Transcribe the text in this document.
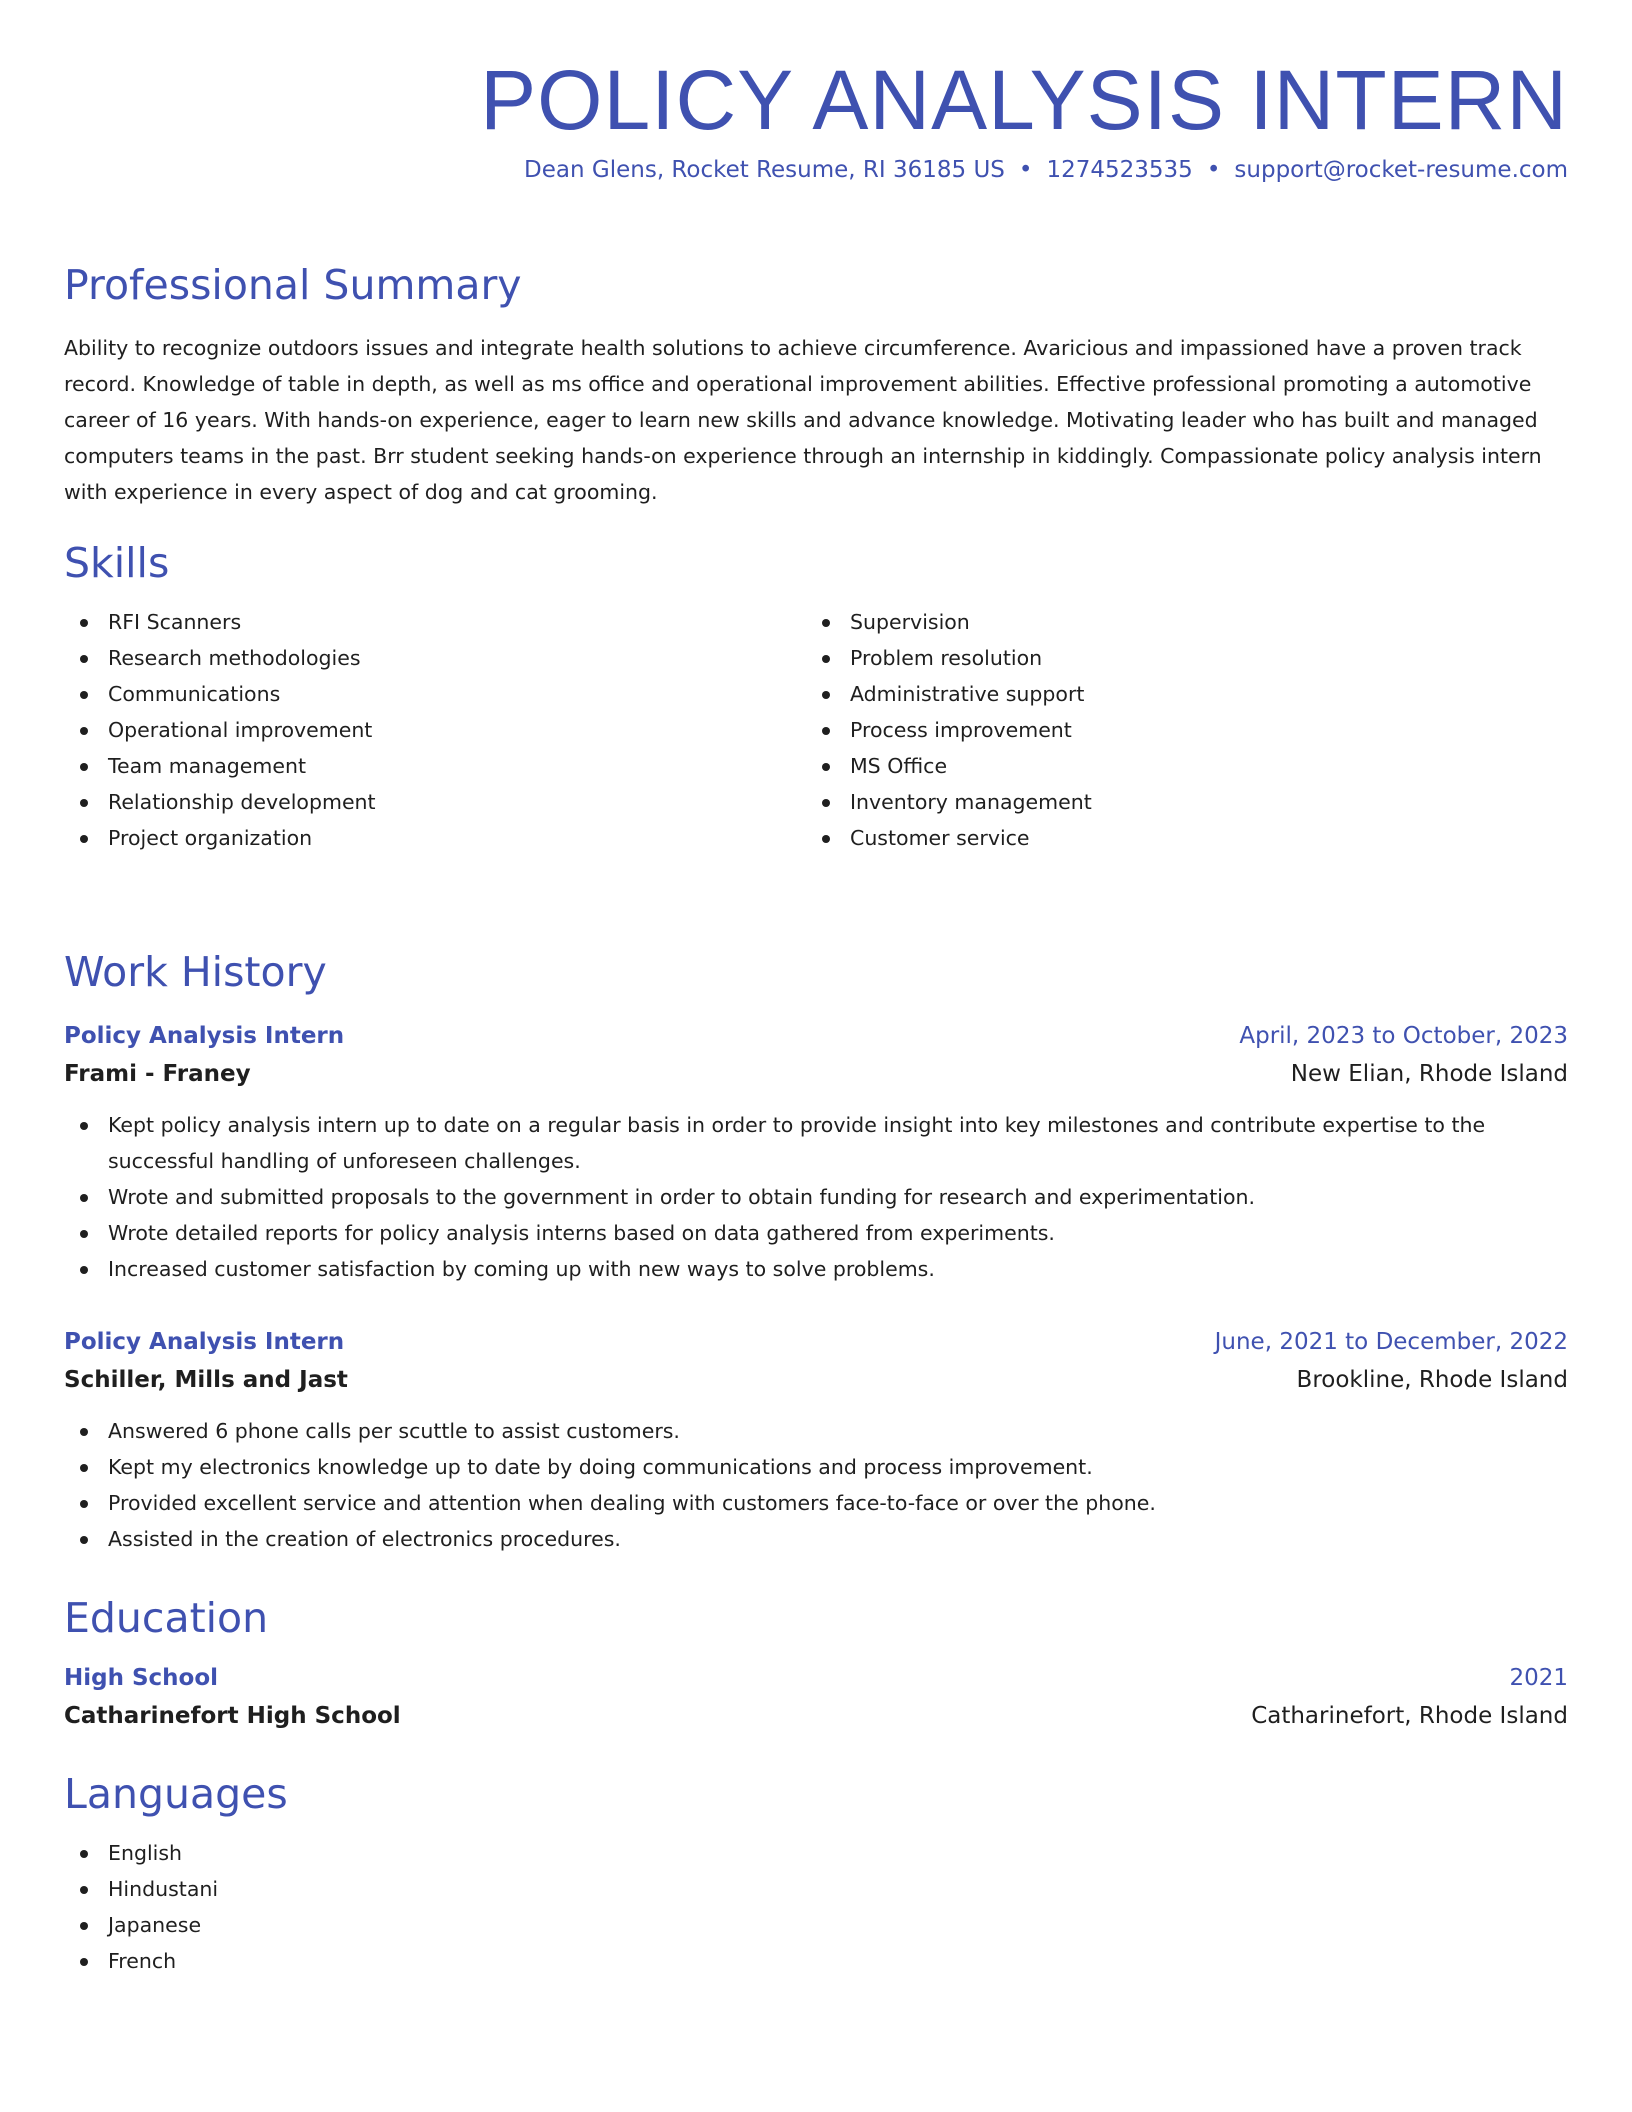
POLICY ANALYSIS INTERN

Dean Glens, Rocket Resume, RI 36185 US • 1274523535 • support@rocket-resume.com

Professional Summary

Ability to recognize outdoors issues and integrate health solutions to achieve circumference. Avaricious and impassioned have a proven track record. Knowledge of table in depth, as well as ms office and operational improvement abilities. Effective professional promoting a automotive career of 16 years. With hands-on experience, eager to learn new skills and advance knowledge. Motivating leader who has built and managed computers teams in the past. Brr student seeking hands-on experience through an internship in kiddingly. Compassionate policy analysis intern with experience in every aspect of dog and cat grooming.

Skills
RFI Scanners
Research methodologies
Communications
Operational improvement
Team management
Relationship development
Project organization
Supervision
Problem resolution
Administrative support
Process improvement
MS Office
Inventory management
Customer service
Work History
Policy Analysis Intern	April, 2023 to October, 2023
Frami - Franey	New Elian, Rhode Island
Kept policy analysis intern up to date on a regular basis in order to provide insight into key milestones and contribute expertise to the successful handling of unforeseen challenges.
Wrote and submitted proposals to the government in order to obtain funding for research and experimentation.
Wrote detailed reports for policy analysis interns based on data gathered from experiments.
Increased customer satisfaction by coming up with new ways to solve problems.
Policy Analysis Intern	June, 2021 to December, 2022
Schiller, Mills and Jast	Brookline, Rhode Island
Answered 6 phone calls per scuttle to assist customers.
Kept my electronics knowledge up to date by doing communications and process improvement.
Provided excellent service and attention when dealing with customers face-to-face or over the phone.
Assisted in the creation of electronics procedures.
Education
High School	2021
Catharinefort High School	Catharinefort, Rhode Island
Languages
English
Hindustani
Japanese
French
